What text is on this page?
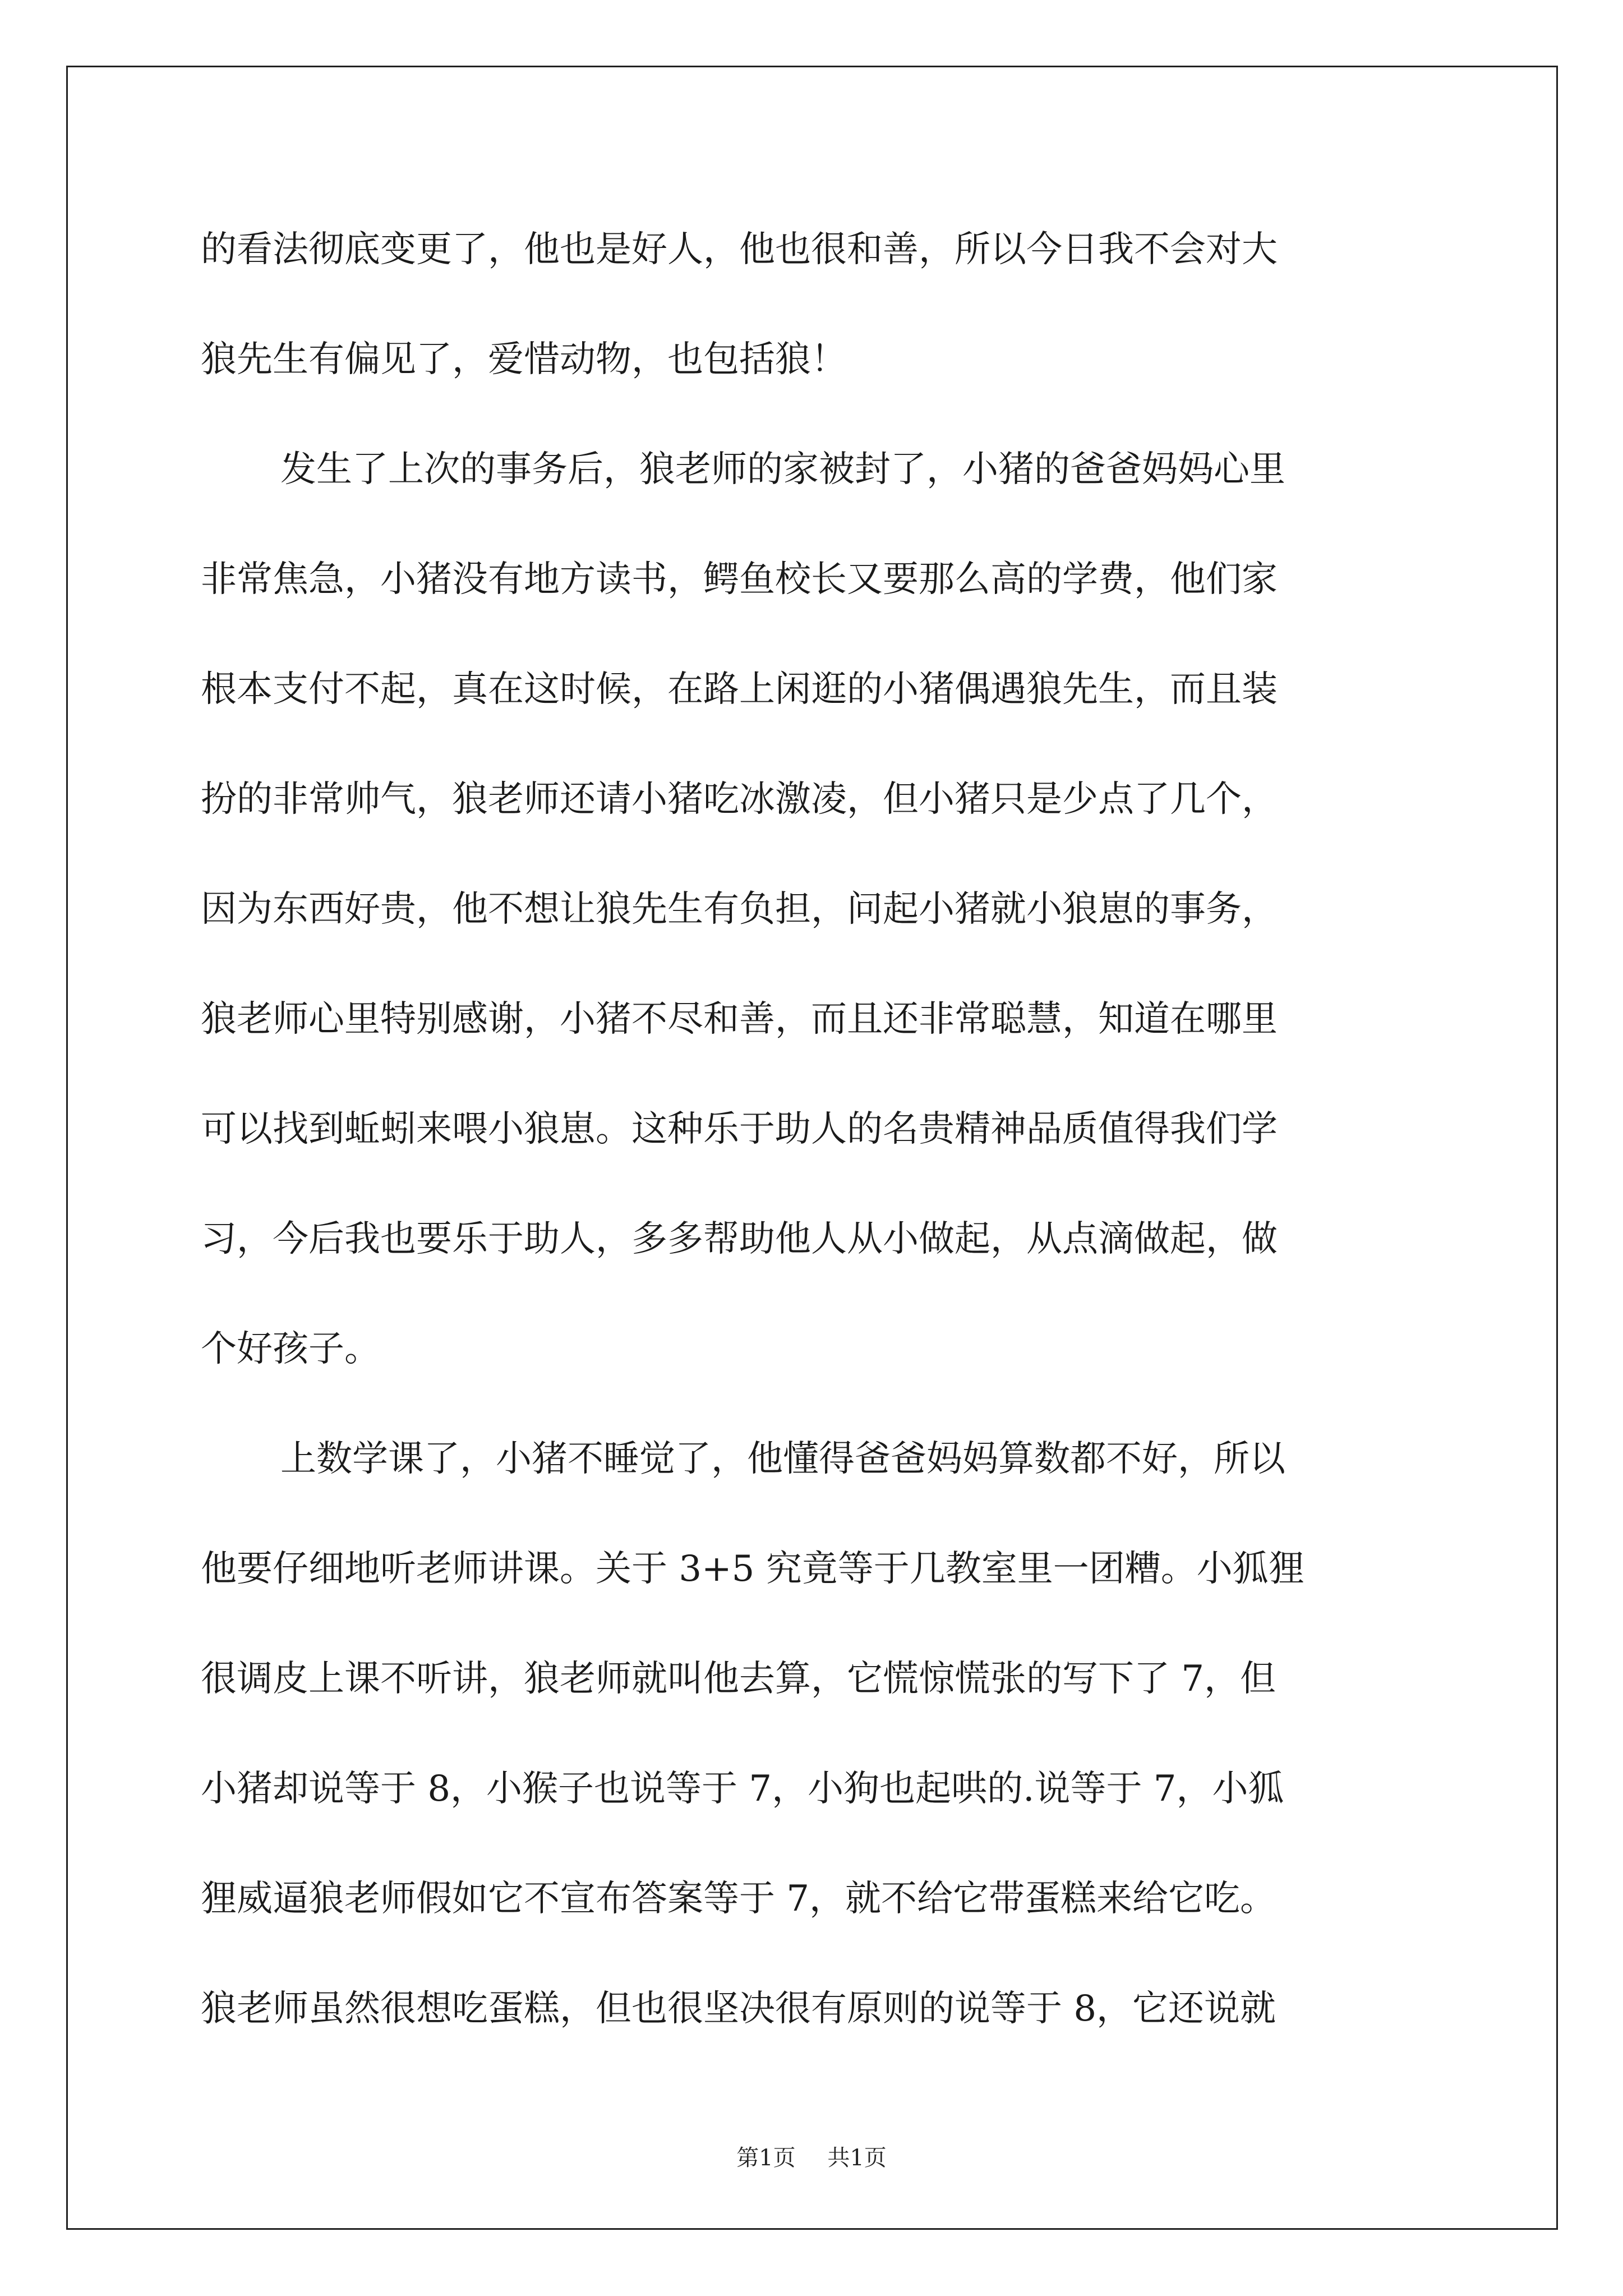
的看法彻底变更了，他也是好人，他也很和善，所以今日我不会对大
狼先生有偏见了，爱惜动物，也包括狼！
发生了上次的事务后，狼老师的家被封了，小猪的爸爸妈妈心里
非常焦急，小猪没有地方读书，鳄鱼校长又要那么高的学费，他们家
根本支付不起，真在这时候，在路上闲逛的小猪偶遇狼先生，而且装
扮的非常帅气，狼老师还请小猪吃冰激凌，但小猪只是少点了几个，
因为东西好贵，他不想让狼先生有负担，问起小猪就小狼崽的事务，
狼老师心里特别感谢，小猪不尽和善，而且还非常聪慧，知道在哪里
可以找到蚯蚓来喂小狼崽。这种乐于助人的名贵精神品质值得我们学
习，今后我也要乐于助人，多多帮助他人从小做起，从点滴做起，做
个好孩子。
上数学课了，小猪不睡觉了，他懂得爸爸妈妈算数都不好，所以
他要仔细地听老师讲课。关于 3+5 究竟等于几教室里一团糟。小狐狸
很调皮上课不听讲，狼老师就叫他去算，它慌惊慌张的写下了 7，但
小猪却说等于 8，小猴子也说等于 7，小狗也起哄的.说等于 7，小狐
狸威逼狼老师假如它不宣布答案等于 7，就不给它带蛋糕来给它吃。
狼老师虽然很想吃蛋糕，但也很坚决很有原则的说等于 8，它还说就
第1页 共1页
